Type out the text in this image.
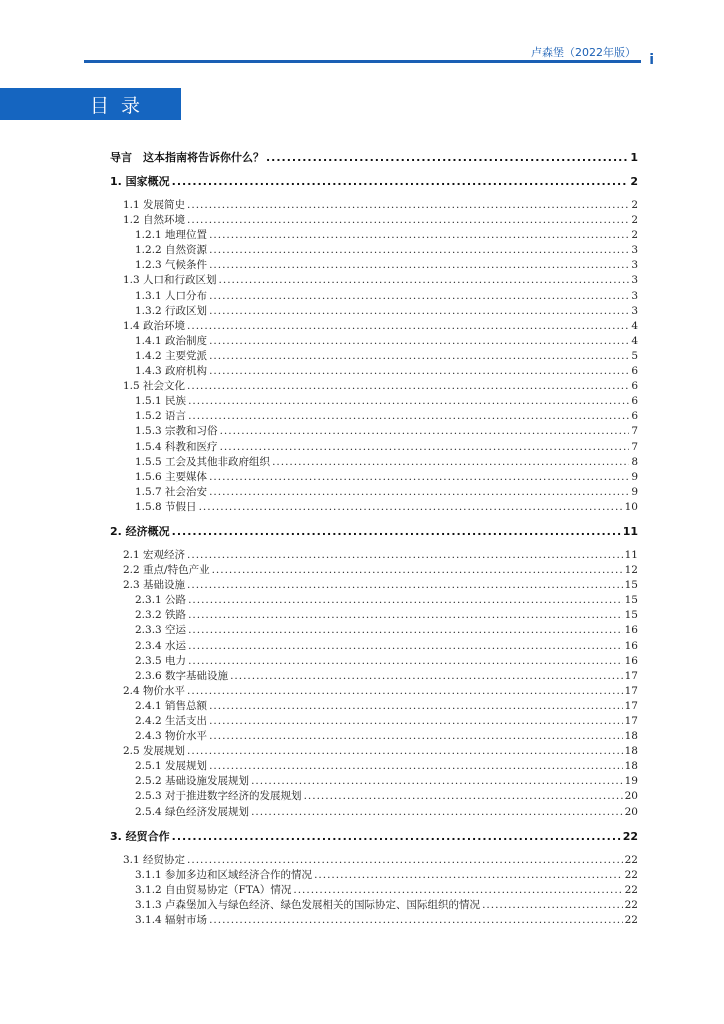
卢森堡（2022年版） i
目录
导言　这本指南将告诉你什么？ .....	1
1. 国家概况 .....	2
1.1 发展简史 .....	2
1.2 自然环境 .....	2
1.2.1 地理位置 .....	2
1.2.2 自然资源 .....	3
1.2.3 气候条件 .....	3
1.3 人口和行政区划 .....	3
1.3.1 人口分布 .....	3
1.3.2 行政区划 .....	3
1.4 政治环境 .....	4
1.4.1 政治制度 .....	4
1.4.2 主要党派 .....	5
1.4.3 政府机构 .....	6
1.5 社会文化 .....	6
1.5.1 民族 .....	6
1.5.2 语言 .....	6
1.5.3 宗教和习俗 .....	7
1.5.4 科教和医疗 .....	7
1.5.5 工会及其他非政府组织 .....	8
1.5.6 主要媒体 .....	9
1.5.7 社会治安 .....	9
1.5.8 节假日 .....	10
2. 经济概况 .....	11
2.1 宏观经济 .....	11
2.2 重点/特色产业 .....	12
2.3 基础设施 .....	15
2.3.1 公路 .....	15
2.3.2 铁路 .....	15
2.3.3 空运 .....	16
2.3.4 水运 .....	16
2.3.5 电力 .....	16
2.3.6 数字基础设施 .....	17
2.4 物价水平 .....	17
2.4.1 销售总额 .....	17
2.4.2 生活支出 .....	17
2.4.3 物价水平 .....	18
2.5 发展规划 .....	18
2.5.1 发展规划 .....	18
2.5.2 基础设施发展规划 .....	19
2.5.3 对于推进数字经济的发展规划 .....	20
2.5.4 绿色经济发展规划 .....	20
3. 经贸合作 .....	22
3.1 经贸协定 .....	22
3.1.1 参加多边和区域经济合作的情况 .....	22
3.1.2 自由贸易协定（FTA）情况 .....	22
3.1.3 卢森堡加入与绿色经济、绿色发展相关的国际协定、国际组织的情况 .....	22
3.1.4 辐射市场 .....	22
